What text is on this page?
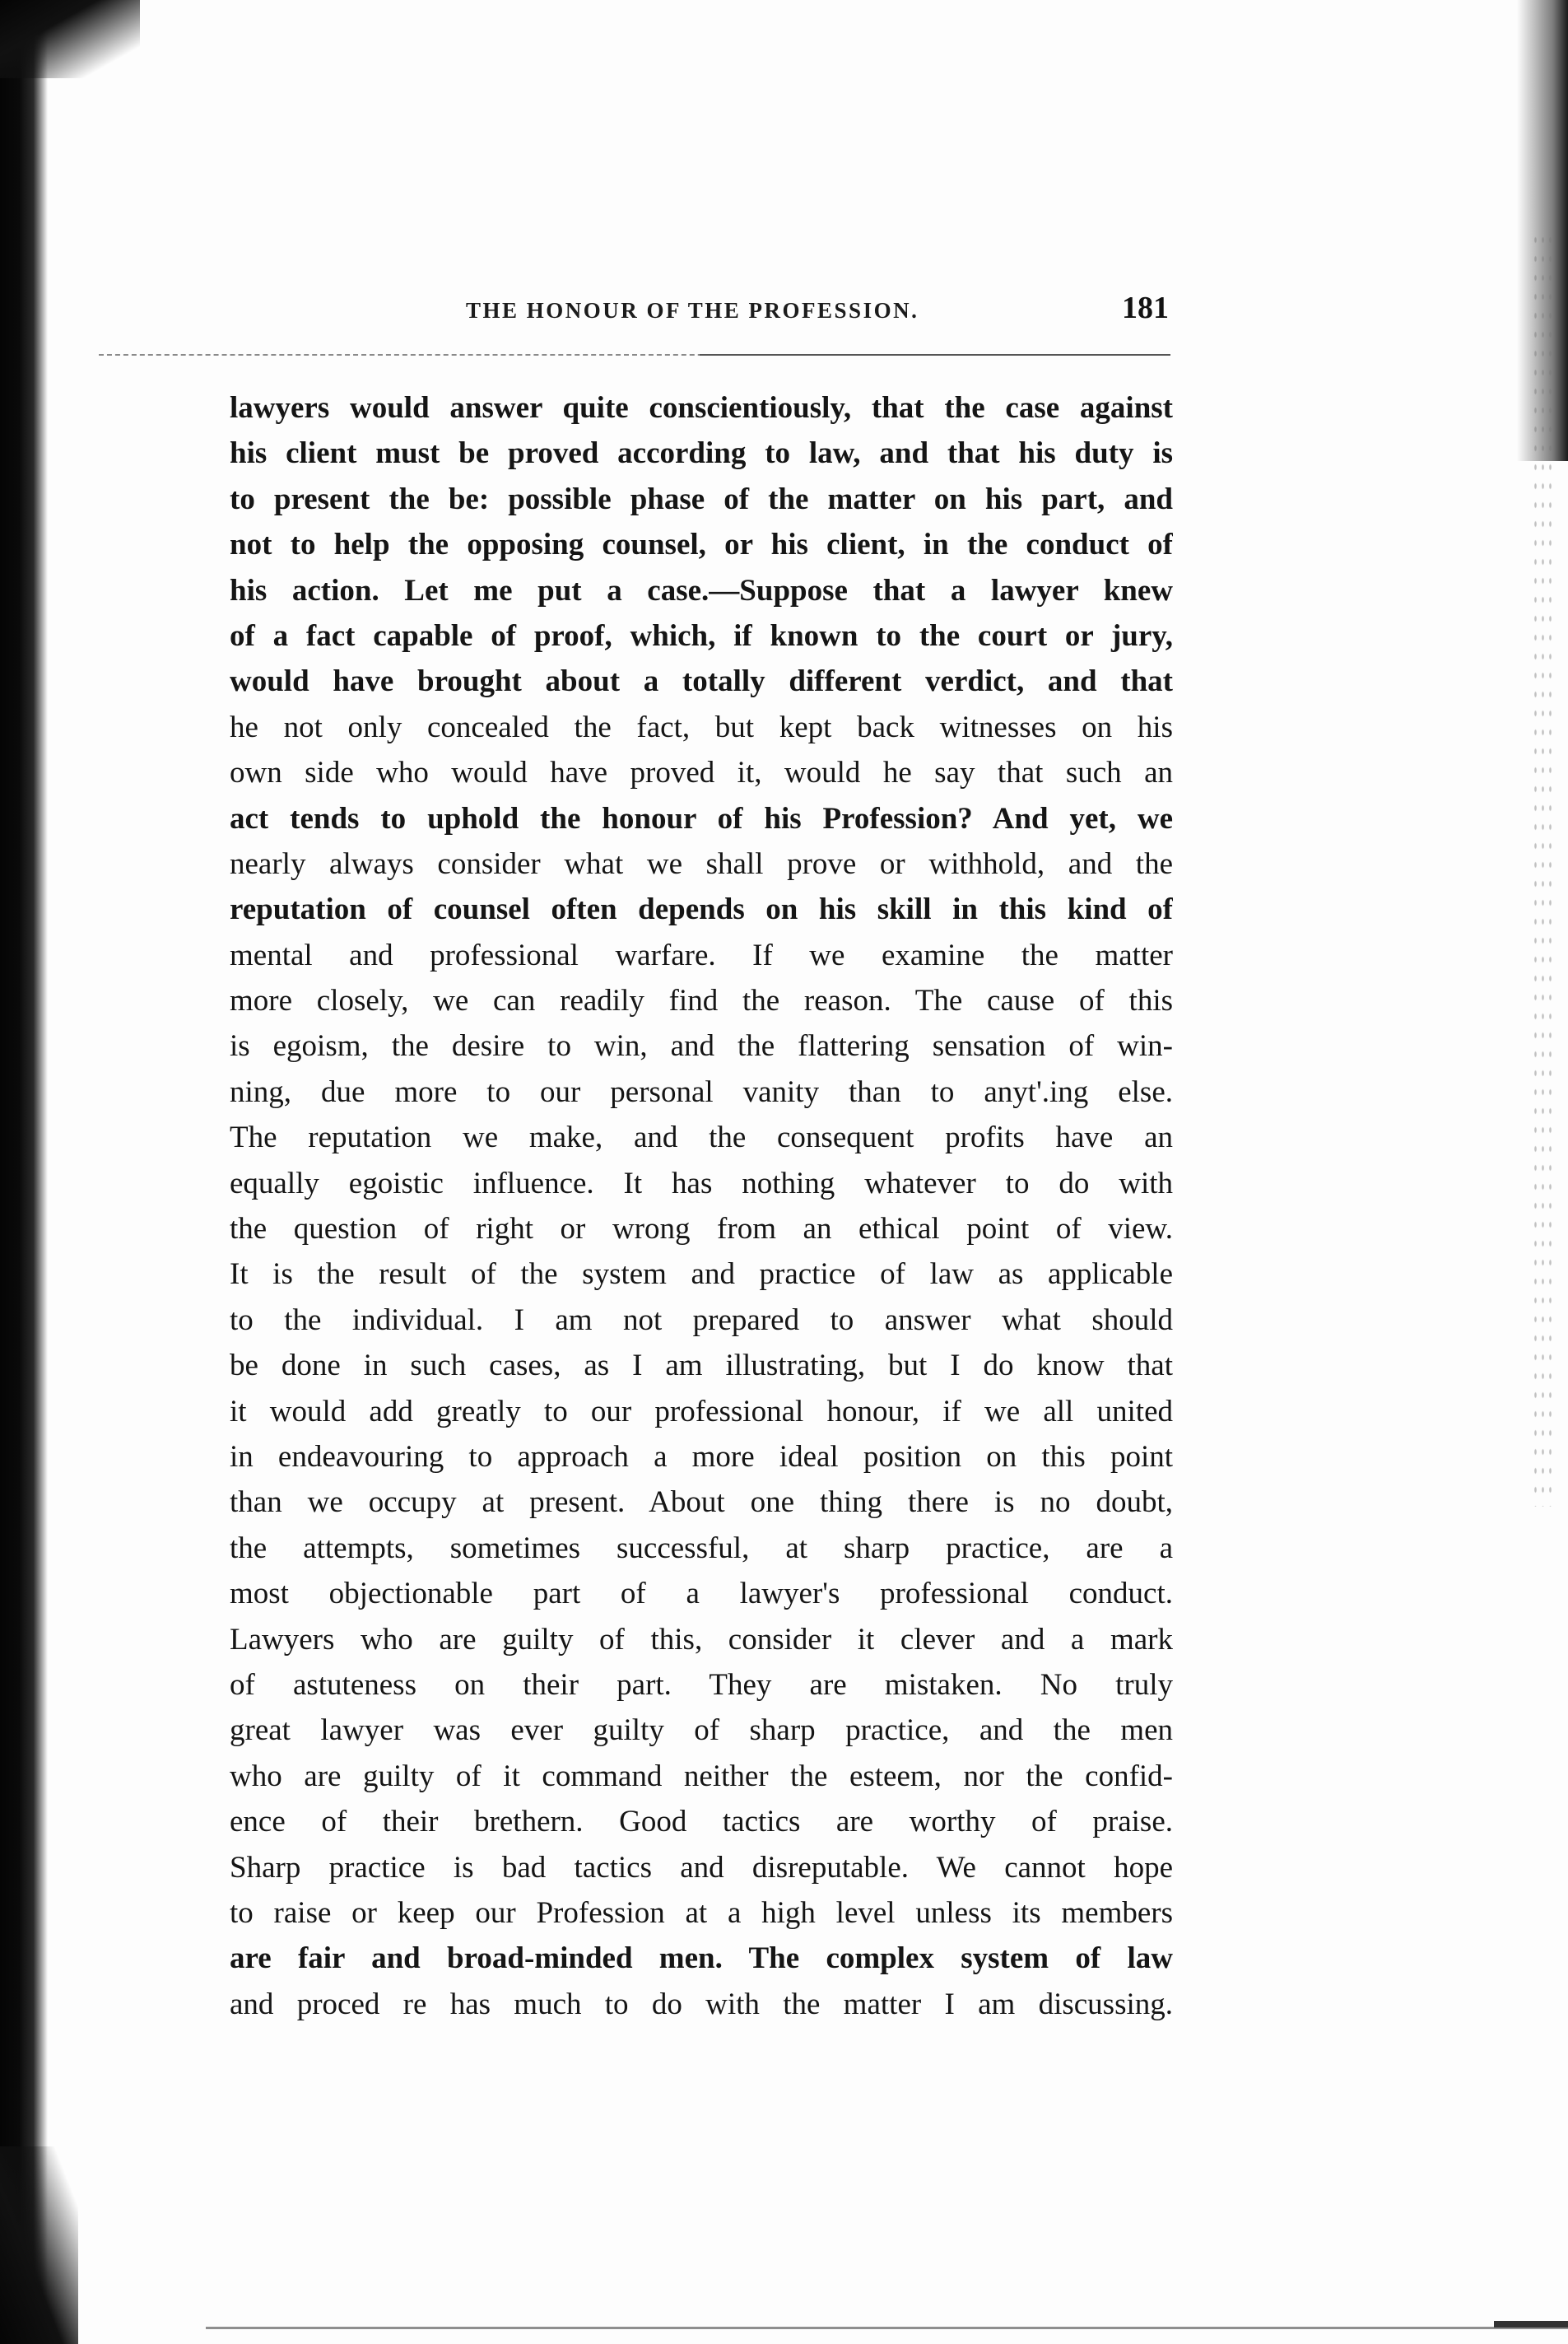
THE HONOUR OF THE PROFESSION.	181
lawyers would answer quite conscientiously, that the case against
his client must be proved according to law, and that his duty is
to present the be: possible phase of the matter on his part, and
not to help the opposing counsel, or his client, in the conduct of
his action. Let me put a case.—Suppose that a lawyer knew
of a fact capable of proof, which, if known to the court or jury,
would have brought about a totally different verdict, and that
he not only concealed the fact, but kept back witnesses on his
own side who would have proved it, would he say that such an
act tends to uphold the honour of his Profession? And yet, we
nearly always consider what we shall prove or withhold, and the
reputation of counsel often depends on his skill in this kind of
mental and professional warfare. If we examine the matter
more closely, we can readily find the reason. The cause of this
is egoism, the desire to win, and the flattering sensation of win-
ning, due more to our personal vanity than to anyt'.ing else.
The reputation we make, and the consequent profits have an
equally egoistic influence. It has nothing whatever to do with
the question of right or wrong from an ethical point of view.
It is the result of the system and practice of law as applicable
to the individual. I am not prepared to answer what should
be done in such cases, as I am illustrating, but I do know that
it would add greatly to our professional honour, if we all united
in endeavouring to approach a more ideal position on this point
than we occupy at present. About one thing there is no doubt,
the attempts, sometimes successful, at sharp practice, are a
most objectionable part of a lawyer's professional conduct.
Lawyers who are guilty of this, consider it clever and a mark
of astuteness on their part. They are mistaken. No truly
great lawyer was ever guilty of sharp practice, and the men
who are guilty of it command neither the esteem, nor the confid-
ence of their brethern. Good tactics are worthy of praise.
Sharp practice is bad tactics and disreputable. We cannot hope
to raise or keep our Profession at a high level unless its members
are fair and broad-minded men. The complex system of law
and proced re has much to do with the matter I am discussing.
